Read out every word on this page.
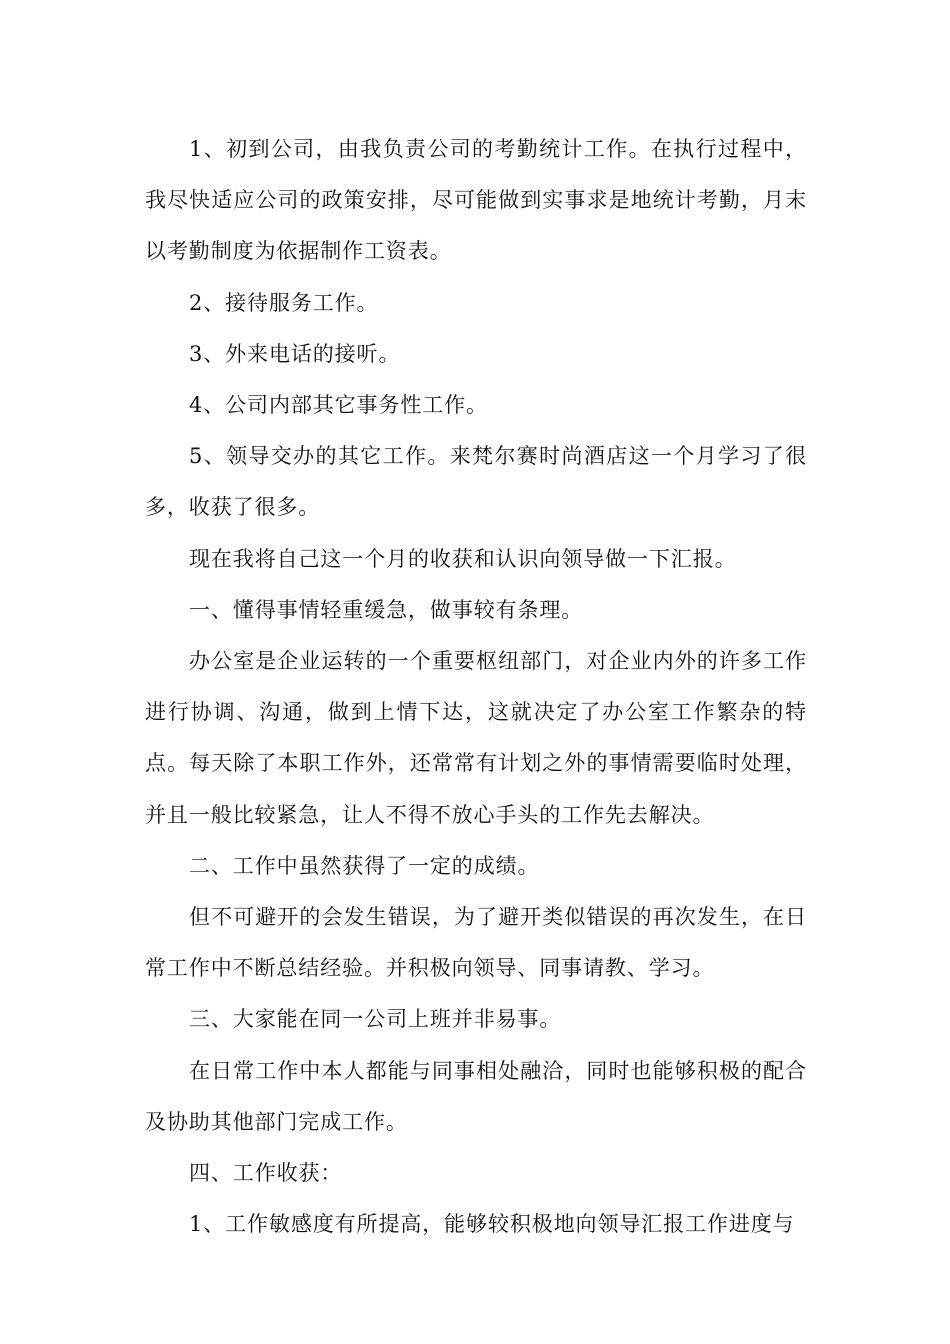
1、初到公司，由我负责公司的考勤统计工作。在执行过程中，我尽快适应公司的政策安排，尽可能做到实事求是地统计考勤，月末以考勤制度为依据制作工资表。

2、接待服务工作。

3、外来电话的接听。

4、公司内部其它事务性工作。

5、领导交办的其它工作。来梵尔赛时尚酒店这一个月学习了很多，收获了很多。

现在我将自己这一个月的收获和认识向领导做一下汇报。

一、懂得事情轻重缓急，做事较有条理。

办公室是企业运转的一个重要枢纽部门，对企业内外的许多工作进行协调、沟通，做到上情下达，这就决定了办公室工作繁杂的特点。每天除了本职工作外，还常常有计划之外的事情需要临时处理，并且一般比较紧急，让人不得不放心手头的工作先去解决。

二、工作中虽然获得了一定的成绩。

但不可避开的会发生错误，为了避开类似错误的再次发生，在日常工作中不断总结经验。并积极向领导、同事请教、学习。

三、大家能在同一公司上班并非易事。

在日常工作中本人都能与同事相处融洽，同时也能够积极的配合及协助其他部门完成工作。

四、工作收获：

1、工作敏感度有所提高，能够较积极地向领导汇报工作进度与
